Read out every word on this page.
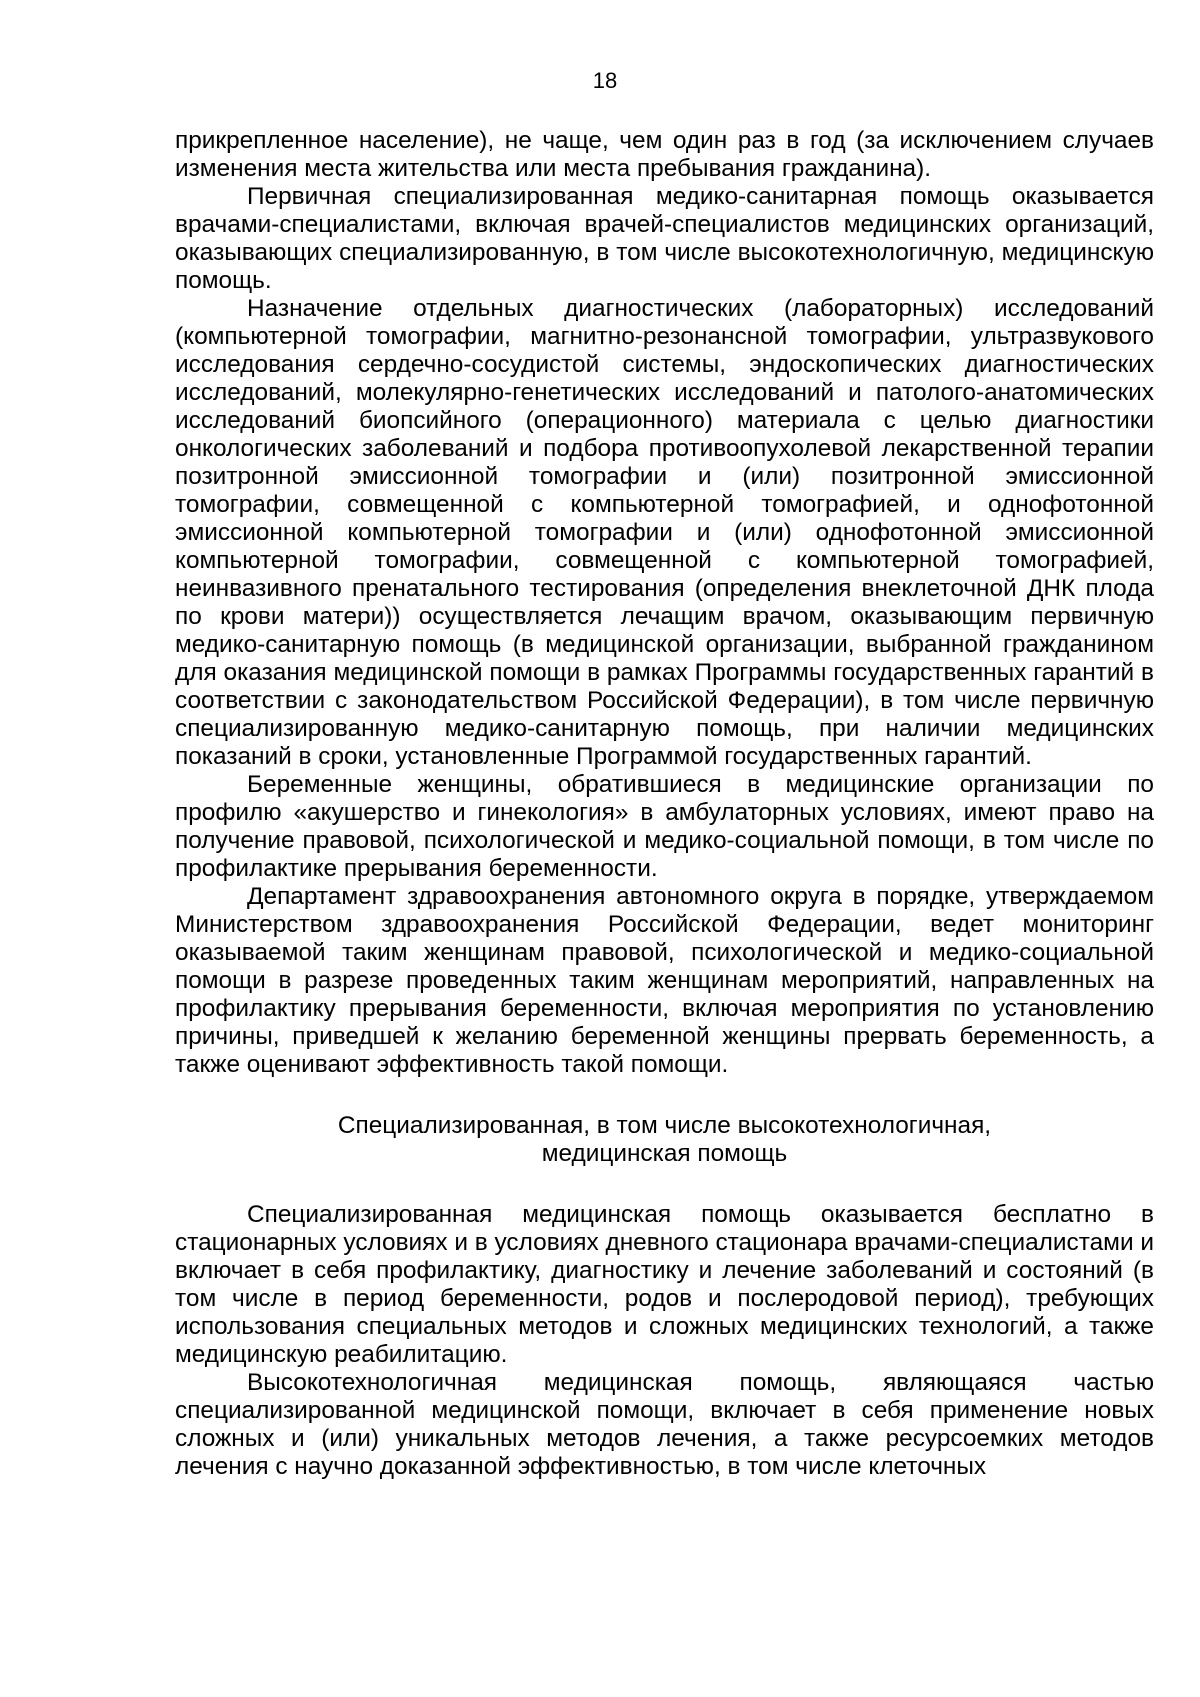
18

прикрепленное население), не чаще, чем один раз в год (за исключением случаев изменения места жительства или места пребывания гражданина).

Первичная специализированная медико-санитарная помощь оказывается врачами-специалистами, включая врачей-специалистов медицинских организаций, оказывающих специализированную, в том числе высокотехнологичную, медицинскую помощь.

Назначение отдельных диагностических (лабораторных) исследований (компьютерной томографии, магнитно-резонансной томографии, ультразвукового исследования сердечно-сосудистой системы, эндоскопических диагностических исследований, молекулярно-генетических исследований и патолого-анатомических исследований биопсийного (операционного) материала с целью диагностики онкологических заболеваний и подбора противоопухолевой лекарственной терапии позитронной эмиссионной томографии и (или) позитронной эмиссионной томографии, совмещенной с компьютерной томографией, и однофотонной эмиссионной компьютерной томографии и (или) однофотонной эмиссионной компьютерной томографии, совмещенной с компьютерной томографией, неинвазивного пренатального тестирования (определения внеклеточной ДНК плода по крови матери)) осуществляется лечащим врачом, оказывающим первичную медико-санитарную помощь (в медицинской организации, выбранной гражданином для оказания медицинской помощи в рамках Программы государственных гарантий в соответствии с законодательством Российской Федерации), в том числе первичную специализированную медико-санитарную помощь, при наличии медицинских показаний в сроки, установленные Программой государственных гарантий.

Беременные женщины, обратившиеся в медицинские организации по профилю «акушерство и гинекология» в амбулаторных условиях, имеют право на получение правовой, психологической и медико-социальной помощи, в том числе по профилактике прерывания беременности.

Департамент здравоохранения автономного округа в порядке, утверждаемом Министерством здравоохранения Российской Федерации, ведет мониторинг оказываемой таким женщинам правовой, психологической и медико-социальной помощи в разрезе проведенных таким женщинам мероприятий, направленных на профилактику прерывания беременности, включая мероприятия по установлению причины, приведшей к желанию беременной женщины прервать беременность, а также оценивают эффективность такой помощи.

Специализированная, в том числе высокотехнологичная,
медицинская помощь

Специализированная медицинская помощь оказывается бесплатно в стационарных условиях и в условиях дневного стационара врачами-специалистами и включает в себя профилактику, диагностику и лечение заболеваний и состояний (в том числе в период беременности, родов и послеродовой период), требующих использования специальных методов и сложных медицинских технологий, а также медицинскую реабилитацию.

Высокотехнологичная медицинская помощь, являющаяся частью специализированной медицинской помощи, включает в себя применение новых сложных и (или) уникальных методов лечения, а также ресурсоемких методов лечения с научно доказанной эффективностью, в том числе клеточных
